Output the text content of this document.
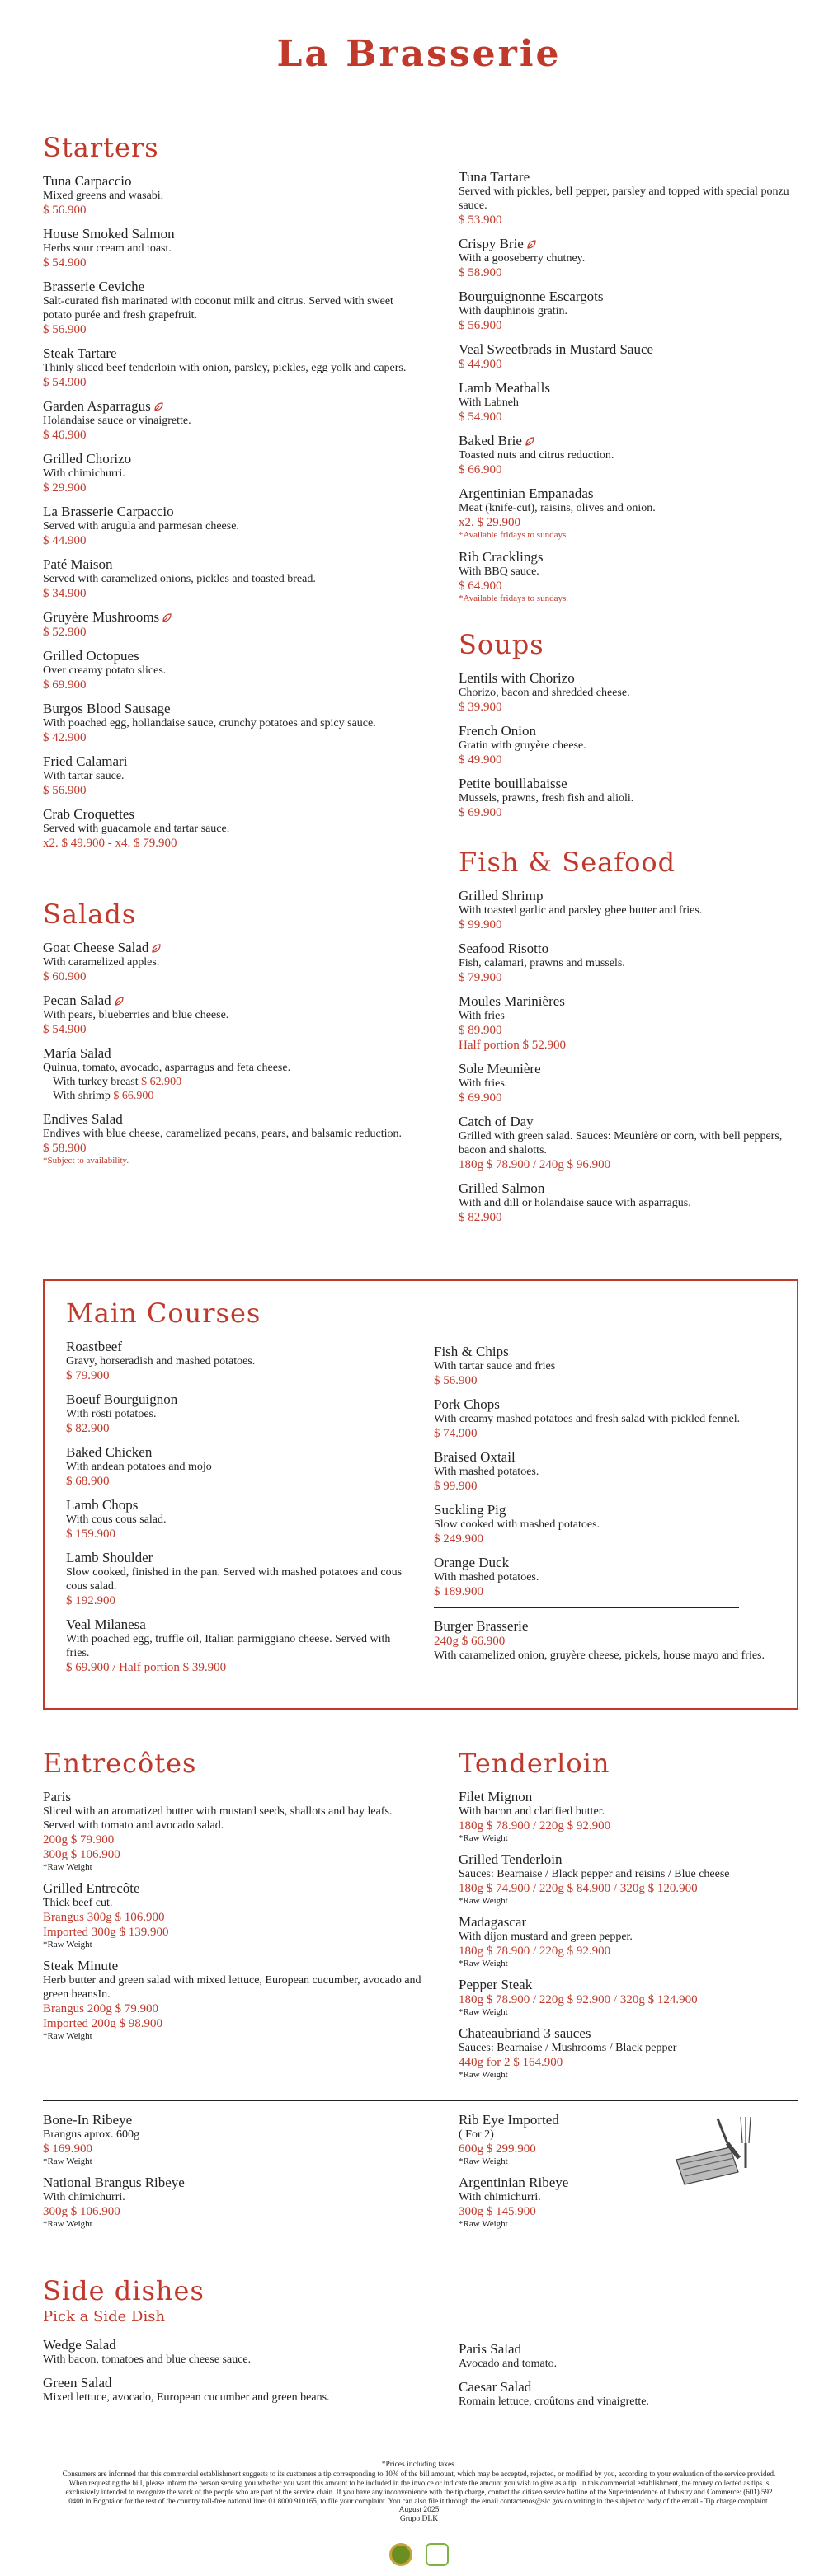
La Brasserie
Starters
Tuna Carpaccio
Mixed greens and wasabi.
$ 56.900
House Smoked Salmon
Herbs sour cream and toast.
$ 54.900
Brasserie Ceviche
Salt-curated fish marinated with coconut milk and citrus. Served with sweet potato purée and fresh grapefruit.
$ 56.900
Steak Tartare
Thinly sliced beef tenderloin with onion, parsley, pickles, egg yolk and capers.
$ 54.900
Garden Asparragus
Holandaise sauce or vinaigrette.
$ 46.900
Grilled Chorizo
With chimichurri.
$ 29.900
La Brasserie Carpaccio
Served with arugula and parmesan cheese.
$ 44.900
Paté Maison
Served with caramelized onions, pickles and toasted bread.
$ 34.900
Gruyère Mushrooms
$ 52.900
Grilled Octopues
Over creamy potato slices.
$ 69.900
Burgos Blood Sausage
With poached egg, hollandaise sauce, crunchy potatoes and spicy sauce.
$ 42.900
Fried Calamari
With tartar sauce.
$ 56.900
Crab Croquettes
Served with guacamole and tartar sauce.
x2. $ 49.900 - x4. $ 79.900
Tuna Tartare
Served with pickles, bell pepper, parsley and topped with special ponzu sauce.
$ 53.900
Crispy Brie
With a gooseberry chutney.
$ 58.900
Bourguignonne Escargots
With dauphinois gratin.
$ 56.900
Veal Sweetbrads in Mustard Sauce
$ 44.900
Lamb Meatballs
With Labneh
$ 54.900
Baked Brie
Toasted nuts and citrus reduction.
$ 66.900
Argentinian Empanadas
Meat (knife-cut), raisins, olives and onion.
x2. $ 29.900
*Available fridays to sundays.
Rib Cracklings
With BBQ sauce.
$ 64.900
*Available fridays to sundays.
Soups
Lentils with Chorizo
Chorizo, bacon and shredded cheese.
$ 39.900
French Onion
Gratin with gruyère cheese.
$ 49.900
Petite bouillabaisse
Mussels, prawns, fresh fish and alioli.
$ 69.900
Fish & Seafood
Grilled Shrimp
With toasted garlic and parsley ghee butter and fries.
$ 99.900
Seafood Risotto
Fish, calamari, prawns and mussels.
$ 79.900
Moules Marinières
With fries
$ 89.900
Half portion $ 52.900
Sole Meunière
With fries.
$ 69.900
Catch of Day
Grilled with green salad. Sauces: Meunière or corn, with bell peppers, bacon and shalotts.
180g $ 78.900 / 240g $ 96.900
Grilled Salmon
With and dill or holandaise sauce with asparragus.
$ 82.900
Salads
Goat Cheese Salad
With caramelized apples.
$ 60.900
Pecan Salad
With pears, blueberries and blue cheese.
$ 54.900
María Salad
Quinua, tomato, avocado, asparragus and feta cheese.
With turkey breast $ 62.900
With shrimp $ 66.900
Endives Salad
Endives with blue cheese, caramelized pecans, pears, and balsamic reduction.
$ 58.900
*Subject to availability.
Main Courses
Roastbeef
Gravy, horseradish and mashed potatoes.
$ 79.900
Boeuf Bourguignon
With rösti potatoes.
$ 82.900
Baked Chicken
With andean potatoes and mojo
$ 68.900
Lamb Chops
With cous cous salad.
$ 159.900
Lamb Shoulder
Slow cooked, finished in the pan. Served with mashed potatoes and cous cous salad.
$ 192.900
Veal Milanesa
With poached egg, truffle oil, Italian parmiggiano cheese. Served with fries.
$ 69.900 / Half portion $ 39.900
Fish & Chips
With tartar sauce and fries
$ 56.900
Pork Chops
With creamy mashed potatoes and fresh salad with pickled fennel.
$ 74.900
Braised Oxtail
With mashed potatoes.
$ 99.900
Suckling Pig
Slow cooked with mashed potatoes.
$ 249.900
Orange Duck
With mashed potatoes.
$ 189.900
Burger Brasserie
240g $ 66.900
With caramelized onion, gruyère cheese, pickels, house mayo and fries.
Entrecôtes
Paris
Sliced with an aromatized butter with mustard seeds, shallots and bay leafs. Served with tomato and avocado salad.
200g $ 79.900
300g $ 106.900
*Raw Weight
Grilled Entrecôte
Thick beef cut.
Brangus 300g $ 106.900
Imported 300g $ 139.900
*Raw Weight
Steak Minute
Herb butter and green salad with mixed lettuce, European cucumber, avocado and green beansIn.
Brangus 200g $ 79.900
Imported 200g $ 98.900
*Raw Weight
Tenderloin
Filet Mignon
With bacon and clarified butter.
180g $ 78.900 / 220g $ 92.900
*Raw Weight
Grilled Tenderloin
Sauces: Bearnaise / Black pepper and reisins / Blue cheese
180g $ 74.900 / 220g $ 84.900 / 320g $ 120.900
*Raw Weight
Madagascar
With dijon mustard and green pepper.
180g $ 78.900 / 220g $ 92.900
*Raw Weight
Pepper Steak
180g $ 78.900 / 220g $ 92.900 / 320g $ 124.900
*Raw Weight
Chateaubriand 3 sauces
Sauces: Bearnaise / Mushrooms / Black pepper
440g for 2 $ 164.900
*Raw Weight
Bone-In Ribeye
Brangus aprox. 600g
$ 169.900
*Raw Weight
National Brangus Ribeye
With chimichurri.
300g $ 106.900
*Raw Weight
Rib Eye Imported
( For 2)
600g $ 299.900
*Raw Weight
Argentinian Ribeye
With chimichurri.
300g $ 145.900
*Raw Weight
Side dishes
Pick a Side Dish
Wedge Salad
With bacon, tomatoes and blue cheese sauce.
Green Salad
Mixed lettuce, avocado, European cucumber and green beans.
Paris Salad
Avocado and tomato.
Caesar Salad
Romain lettuce, croûtons and vinaigrette.
*Prices including taxes.
Consumers are informed that this commercial establishment suggests to its customers a tip corresponding to 10% of the bill amount, which may be accepted, rejected, or modified by you, according to your evaluation of the service provided. When requesting the bill, please inform the person serving you whether you want this amount to be included in the invoice or indicate the amount you wish to give as a tip. In this commercial establishment, the money collected as tips is exclusively intended to recognize the work of the people who are part of the service chain. If you have any inconvenience with the tip charge, contact the citizen service hotline of the Superintendence of Industry and Commerce: (601) 592 0400 in Bogotá or for the rest of the country toll-free national line: 01 8000 910165, to file your complaint. You can also file it through the email contactenos@sic.gov.co writing in the subject or body of the email - Tip charge complaint.
August 2025
Grupo DLK
